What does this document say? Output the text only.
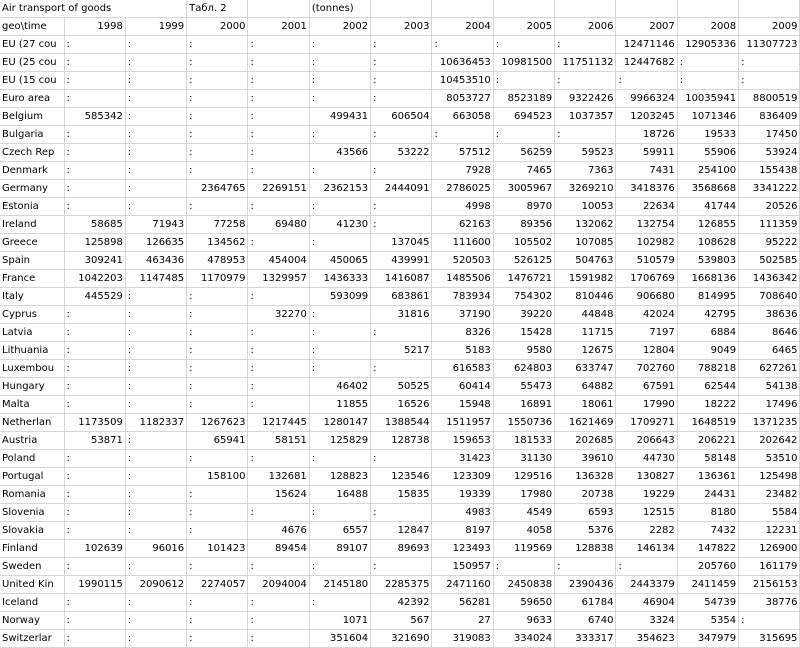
Air transport of goods			Табл. 2		(tonnes)							
geo\time	1998	1999	2000	2001	2002	2003	2004	2005	2006	2007	2008	2009
EU (27 cou	:	:	:	:	:	:	:	:	:	12471146	12905336	11307723
EU (25 cou	:	:	:	:	:	:	10636453	10981500	11751132	12447682	:	:
EU (15 cou	:	:	:	:	:	:	10453510	:	:	:	:	:
Euro area	:	:	:	:	:	:	8053727	8523189	9322426	9966324	10035941	8800519
Belgium	585342	:	:	:	499431	606504	663058	694523	1037357	1203245	1071346	836409
Bulgaria	:	:	:	:	:	:	:	:	:	18726	19533	17450
Czech Rep	:	:	:	:	43566	53222	57512	56259	59523	59911	55906	53924
Denmark	:	:	:	:	:	:	7928	7465	7363	7431	254100	155438
Germany	:	:	2364765	2269151	2362153	2444091	2786025	3005967	3269210	3418376	3568668	3341222
Estonia	:	:	:	:	:	:	4998	8970	10053	22634	41744	20526
Ireland	58685	71943	77258	69480	41230	:	62163	89356	132062	132754	126855	111359
Greece	125898	126635	134562	:	:	137045	111600	105502	107085	102982	108628	95222
Spain	309241	463436	478953	454004	450065	439991	520503	526125	504763	510579	539803	502585
France	1042203	1147485	1170979	1329957	1436333	1416087	1485506	1476721	1591982	1706769	1668136	1436342
Italy	445529	:	:	:	593099	683861	783934	754302	810446	906680	814995	708640
Cyprus	:	:	:	32270	:	31816	37190	39220	44848	42024	42795	38636
Latvia	:	:	:	:	:	:	8326	15428	11715	7197	6884	8646
Lithuania	:	:	:	:	:	5217	5183	9580	12675	12804	9049	6465
Luxembou	:	:	:	:	:	:	616583	624803	633747	702760	788218	627261
Hungary	:	:	:	:	46402	50525	60414	55473	64882	67591	62544	54138
Malta	:	:	:	:	11855	16526	15948	16891	18061	17990	18222	17496
Netherlan	1173509	1182337	1267623	1217445	1280147	1388544	1511957	1550736	1621469	1709271	1648519	1371235
Austria	53871	:	65941	58151	125829	128738	159653	181533	202685	206643	206221	202642
Poland	:	:	:	:	:	:	31423	31130	39610	44730	58148	53510
Portugal	:	:	158100	132681	128823	123546	123309	129516	136328	130827	136361	125498
Romania	:	:	:	15624	16488	15835	19339	17980	20738	19229	24431	23482
Slovenia	:	:	:	:	:	:	4983	4549	6593	12515	8180	5584
Slovakia	:	:	:	4676	6557	12847	8197	4058	5376	2282	7432	12231
Finland	102639	96016	101423	89454	89107	89693	123493	119569	128838	146134	147822	126900
Sweden	:	:	:	:	:	:	150957	:	:	:	205760	161179
United Kin	1990115	2090612	2274057	2094004	2145180	2285375	2471160	2450838	2390436	2443379	2411459	2156153
Iceland	:	:	:	:	:	42392	56281	59650	61784	46904	54739	38776
Norway	:	:	:	:	1071	567	27	9633	6740	3324	5354	:
Switzerlar	:	:	:	:	351604	321690	319083	334024	333317	354623	347979	315695
